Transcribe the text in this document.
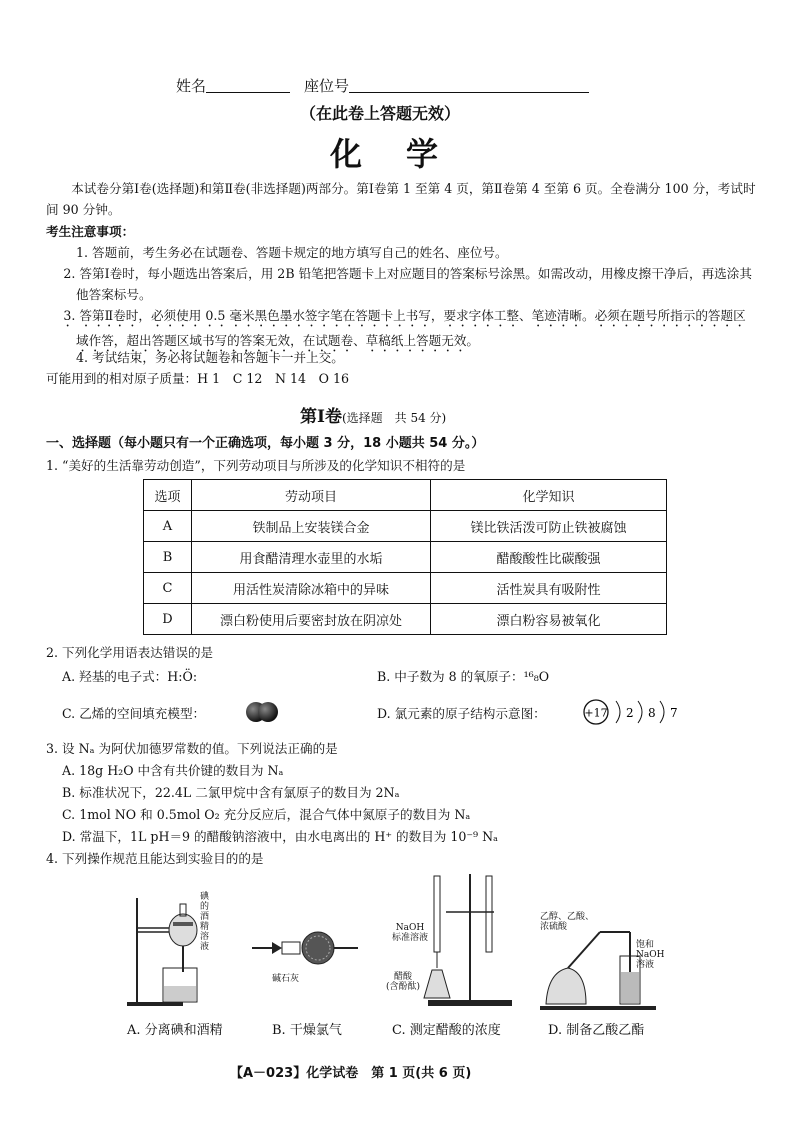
姓名	座位号
（在此卷上答题无效）
化学
本试卷分第Ⅰ卷(选择题)和第Ⅱ卷(非选择题)两部分。第Ⅰ卷第 1 至第 4 页，第Ⅱ卷第 4 至第 6 页。全卷满分 100 分，考试时间 90 分钟。
考生注意事项：
1. 答题前，考生务必在试题卷、答题卡规定的地方填写自己的姓名、座位号。
2. 答第Ⅰ卷时，每小题选出答案后，用 2B 铅笔把答题卡上对应题目的答案标号涂黑。如需改动，用橡皮擦干净后，再选涂其他答案标号。
3. 答第Ⅱ卷时，必须使用 0.5 毫米黑色墨水签字笔在答题卡上书写，要求字体工整、笔迹清晰。必须在题号所指示的答题区域作答，超出答题区域书写的答案无效，在试题卷、草稿纸上答题无效。
4. 考试结束，务必将试题卷和答题卡一并上交。
可能用到的相对原子质量：H 1　C 12　N 14　O 16
第Ⅰ卷(选择题　共 54 分)
一、选择题（每小题只有一个正确选项，每小题 3 分，18 小题共 54 分。）
1. “美好的生活靠劳动创造”，下列劳动项目与所涉及的化学知识不相符的是
选项	劳动项目	化学知识
A	铁制品上安装镁合金	镁比铁活泼可防止铁被腐蚀
B	用食醋清理水壶里的水垢	醋酸酸性比碳酸强
C	用活性炭清除冰箱中的异味	活性炭具有吸附性
D	漂白粉使用后要密封放在阴凉处	漂白粉容易被氧化
2. 下列化学用语表达错误的是
A. 羟基的电子式：H:Ö:	B. 中子数为 8 的氧原子：¹⁶₈O
C. 乙烯的空间填充模型：	D. 氯元素的原子结构示意图：	+17 2 8 7
3. 设 Nₐ 为阿伏加德罗常数的值。下列说法正确的是
A. 18g H₂O 中含有共价键的数目为 Nₐ
B. 标准状况下，22.4L 二氯甲烷中含有氯原子的数目为 2Nₐ
C. 1mol NO 和 0.5mol O₂ 充分反应后，混合气体中氮原子的数目为 Nₐ
D. 常温下，1L pH＝9 的醋酸钠溶液中，由水电离出的 H⁺ 的数目为 10⁻⁹ Nₐ
4. 下列操作规范且能达到实验目的的是
碘
的
酒
精
溶
液
A. 分离碘和酒精
碱石灰
B. 干燥氯气
NaOH
标准溶液
醋酸
(含酚酞)
C. 测定醋酸的浓度
乙醇、乙酸、
浓硫酸
饱和
NaOH
溶液
D. 制备乙酸乙酯
【A－023】化学试卷　第 1 页(共 6 页)
